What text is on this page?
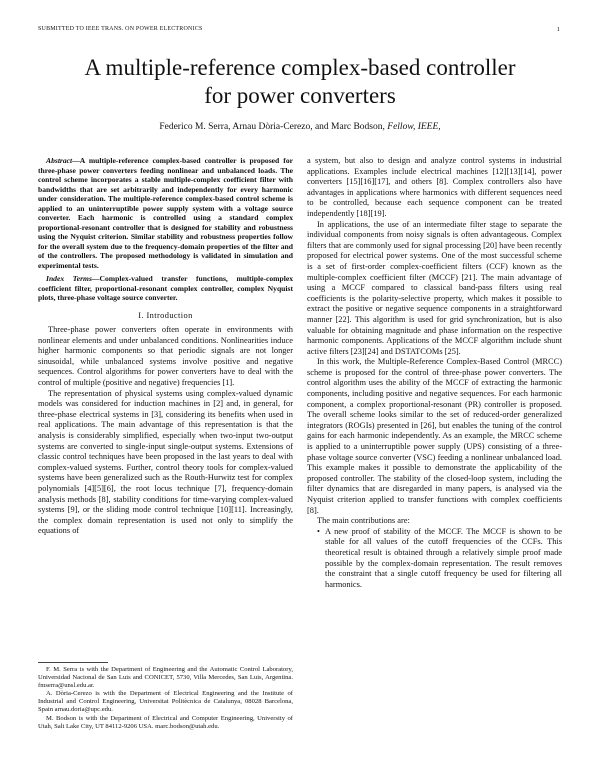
SUBMITTED TO IEEE TRANS. ON POWER ELECTRONICS	1
A multiple-reference complex-based controller
for power converters
Federico M. Serra, Arnau Dòria-Cerezo, and Marc Bodson, Fellow, IEEE,

Abstract—A multiple-reference complex-based controller is proposed for three-phase power converters feeding nonlinear and unbalanced loads. The control scheme incorporates a stable multiple-complex coefficient filter with bandwidths that are set arbitrarily and independently for every harmonic under consideration. The multiple-reference complex-based control scheme is applied to an uninterruptible power supply system with a voltage source converter. Each harmonic is controlled using a standard complex proportional-resonant controller that is designed for stability and robustness using the Nyquist criterion. Similar stability and robustness properties follow for the overall system due to the frequency-domain properties of the filter and of the controllers. The proposed methodology is validated in simulation and experimental tests.

Index Terms—Complex-valued transfer functions, multiple-complex coefficient filter, proportional-resonant complex controller, complex Nyquist plots, three-phase voltage source converter.

I. Introduction

Three-phase power converters often operate in environments with nonlinear elements and under unbalanced conditions. Nonlinearities induce higher harmonic components so that periodic signals are not longer sinusoidal, while unbalanced systems involve positive and negative sequences. Control algorithms for power converters have to deal with the control of multiple (positive and negative) frequencies [1].

The representation of physical systems using complex-valued dynamic models was considered for induction machines in [2] and, in general, for three-phase electrical systems in [3], considering its benefits when used in real applications. The main advantage of this representation is that the analysis is considerably simplified, especially when two-input two-output systems are converted to single-input single-output systems. Extensions of classic control techniques have been proposed in the last years to deal with complex-valued systems. Further, control theory tools for complex-valued systems have been generalized such as the Routh-Hurwitz test for complex polynomials [4][5][6], the root locus technique [7], frequency-domain analysis methods [8], stability conditions for time-varying complex-valued systems [9], or the sliding mode control technique [10][11]. Increasingly, the complex domain representation is used not only to simplify the equations of

F. M. Serra is with the Department of Engineering and the Automatic Control Laboratory, Universidad Nacional de San Luis and CONICET, 5730, Villa Mercedes, San Luis, Argentina. fmserra@unsl.edu.ar.

A. Dòria-Cerezo is with the Department of Electrical Engineering and the Institute of Industrial and Control Engineering, Universitat Politècnica de Catalunya, 08028 Barcelona, Spain arnau.doria@upc.edu.

M. Bodson is with the Department of Electrical and Computer Engineering, University of Utah, Salt Lake City, UT 84112-9206 USA. marc.bodson@utah.edu.

a system, but also to design and analyze control systems in industrial applications. Examples include electrical machines [12][13][14], power converters [15][16][17], and others [8]. Complex controllers also have advantages in applications where harmonics with different sequences need to be controlled, because each sequence component can be treated independently [18][19].

In applications, the use of an intermediate filter stage to separate the individual components from noisy signals is often advantageous. Complex filters that are commonly used for signal processing [20] have been recently proposed for electrical power systems. One of the most successful scheme is a set of first-order complex-coefficient filters (CCF) known as the multiple-complex coefficient filter (MCCF) [21]. The main advantage of using a MCCF compared to classical band-pass filters using real coefficients is the polarity-selective property, which makes it possible to extract the positive or negative sequence components in a straightforward manner [22]. This algorithm is used for grid synchronization, but is also valuable for obtaining magnitude and phase information on the respective harmonic components. Applications of the MCCF algorithm include shunt active filters [23][24] and DSTATCOMs [25].

In this work, the Multiple-Reference Complex-Based Control (MRCC) scheme is proposed for the control of three-phase power converters. The control algorithm uses the ability of the MCCF of extracting the harmonic components, including positive and negative sequences. For each harmonic component, a complex proportional-resonant (PR) controller is proposed. The overall scheme looks similar to the set of reduced-order generalized integrators (ROGIs) presented in [26], but enables the tuning of the control gains for each harmonic independently. As an example, the MRCC scheme is applied to a uninterruptible power supply (UPS) consisting of a three-phase voltage source converter (VSC) feeding a nonlinear unbalanced load. This example makes it possible to demonstrate the applicability of the proposed controller. The stability of the closed-loop system, including the filter dynamics that are disregarded in many papers, is analysed via the Nyquist criterion applied to transfer functions with complex coefficients [8].

The main contributions are:

• A new proof of stability of the MCCF. The MCCF is shown to be stable for all values of the cutoff frequencies of the CCFs. This theoretical result is obtained through a relatively simple proof made possible by the complex-domain representation. The result removes the constraint that a single cutoff frequency be used for filtering all harmonics.
